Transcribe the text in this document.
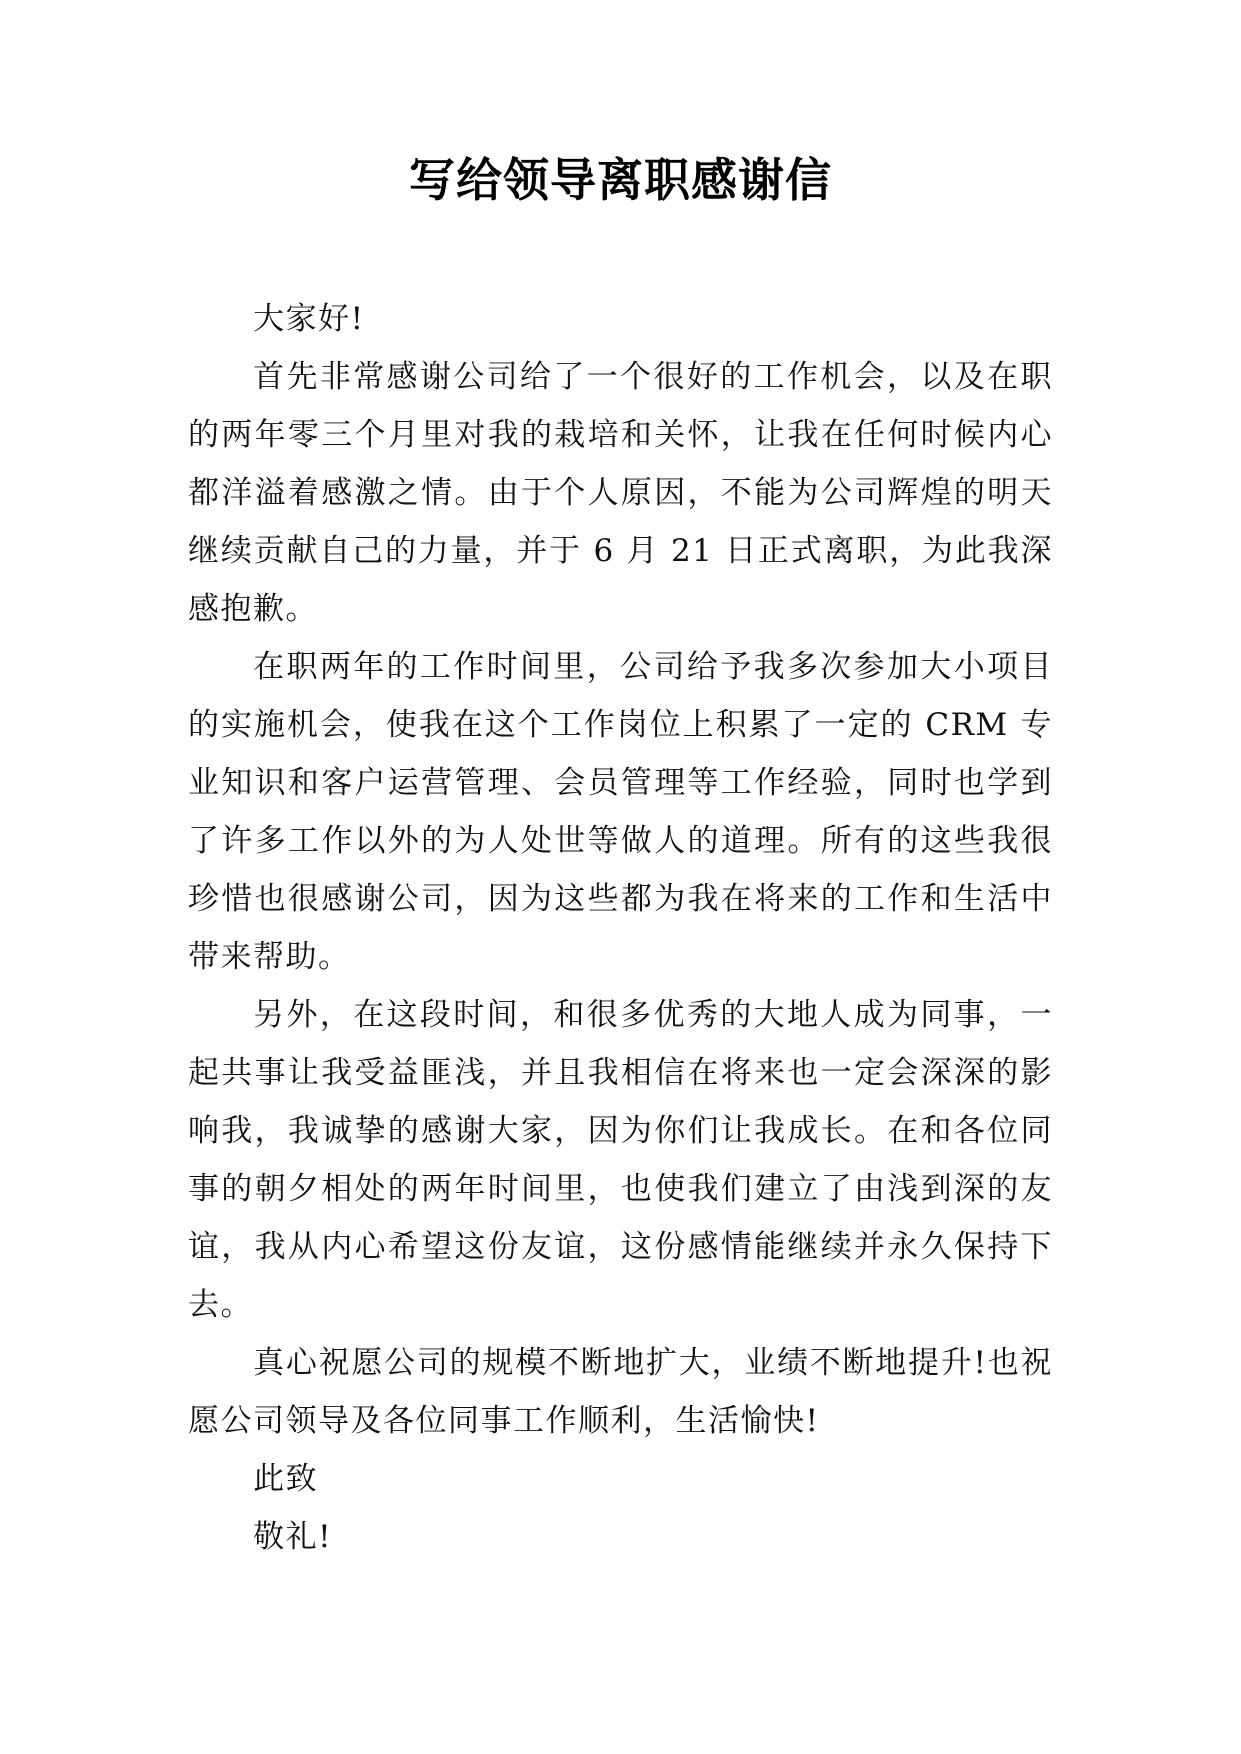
写给领导离职感谢信

大家好!

首先非常感谢公司给了一个很好的工作机会，以及在职的两年零三个月里对我的栽培和关怀，让我在任何时候内心都洋溢着感激之情。由于个人原因，不能为公司辉煌的明天继续贡献自己的力量，并于 6 月 21 日正式离职，为此我深感抱歉。

在职两年的工作时间里，公司给予我多次参加大小项目的实施机会，使我在这个工作岗位上积累了一定的 CRM 专业知识和客户运营管理、会员管理等工作经验，同时也学到了许多工作以外的为人处世等做人的道理。所有的这些我很珍惜也很感谢公司，因为这些都为我在将来的工作和生活中带来帮助。

另外，在这段时间，和很多优秀的大地人成为同事，一起共事让我受益匪浅，并且我相信在将来也一定会深深的影响我，我诚挚的感谢大家，因为你们让我成长。在和各位同事的朝夕相处的两年时间里，也使我们建立了由浅到深的友谊，我从内心希望这份友谊，这份感情能继续并永久保持下去。

真心祝愿公司的规模不断地扩大，业绩不断地提升!也祝愿公司领导及各位同事工作顺利，生活愉快!

此致

敬礼!
